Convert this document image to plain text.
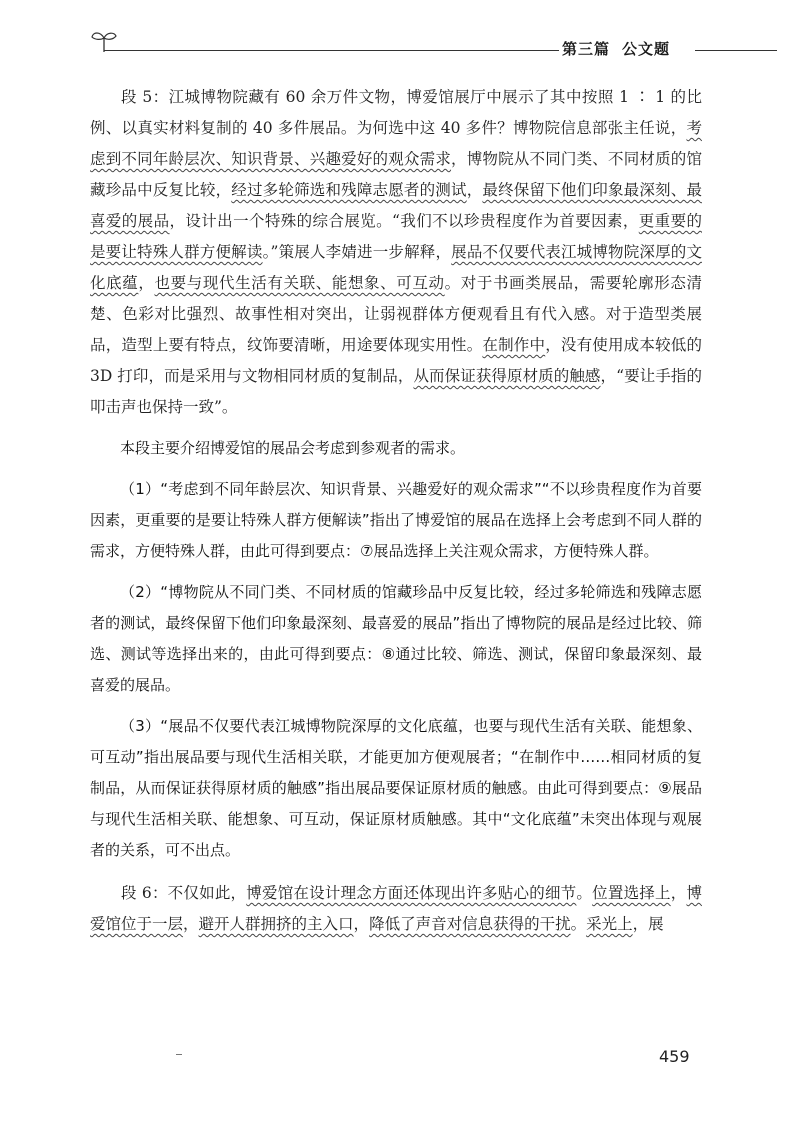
第三篇 公文题

段 5：江城博物院藏有 60 余万件文物，博爱馆展厅中展示了其中按照 1 ∶ 1 的比例、以真实材料复制的 40 多件展品。为何选中这 40 多件？博物院信息部张主任说，考虑到不同年龄层次、知识背景、兴趣爱好的观众需求，博物院从不同门类、不同材质的馆藏珍品中反复比较，经过多轮筛选和残障志愿者的测试，最终保留下他们印象最深刻、最喜爱的展品，设计出一个特殊的综合展览。“我们不以珍贵程度作为首要因素，更重要的是要让特殊人群方便解读。”策展人李婧进一步解释，展品不仅要代表江城博物院深厚的文化底蕴，也要与现代生活有关联、能想象、可互动。对于书画类展品，需要轮廓形态清楚、色彩对比强烈、故事性相对突出，让弱视群体方便观看且有代入感。对于造型类展品，造型上要有特点，纹饰要清晰，用途要体现实用性。在制作中，没有使用成本较低的 3D 打印，而是采用与文物相同材质的复制品，从而保证获得原材质的触感，“要让手指的叩击声也保持一致”。

本段主要介绍博爱馆的展品会考虑到参观者的需求。

（1）“考虑到不同年龄层次、知识背景、兴趣爱好的观众需求”“不以珍贵程度作为首要因素，更重要的是要让特殊人群方便解读”指出了博爱馆的展品在选择上会考虑到不同人群的需求，方便特殊人群，由此可得到要点：⑦展品选择上关注观众需求，方便特殊人群。

（2）“博物院从不同门类、不同材质的馆藏珍品中反复比较，经过多轮筛选和残障志愿者的测试，最终保留下他们印象最深刻、最喜爱的展品”指出了博物院的展品是经过比较、筛选、测试等选择出来的，由此可得到要点：⑧通过比较、筛选、测试，保留印象最深刻、最喜爱的展品。

（3）“展品不仅要代表江城博物院深厚的文化底蕴，也要与现代生活有关联、能想象、可互动”指出展品要与现代生活相关联，才能更加方便观展者；“在制作中……相同材质的复制品，从而保证获得原材质的触感”指出展品要保证原材质的触感。由此可得到要点：⑨展品与现代生活相关联、能想象、可互动，保证原材质触感。其中“文化底蕴”未突出体现与观展者的关系，可不出点。

段 6：不仅如此，博爱馆在设计理念方面还体现出许多贴心的细节。位置选择上，博爱馆位于一层，避开人群拥挤的主入口，降低了声音对信息获得的干扰。采光上，展

459
